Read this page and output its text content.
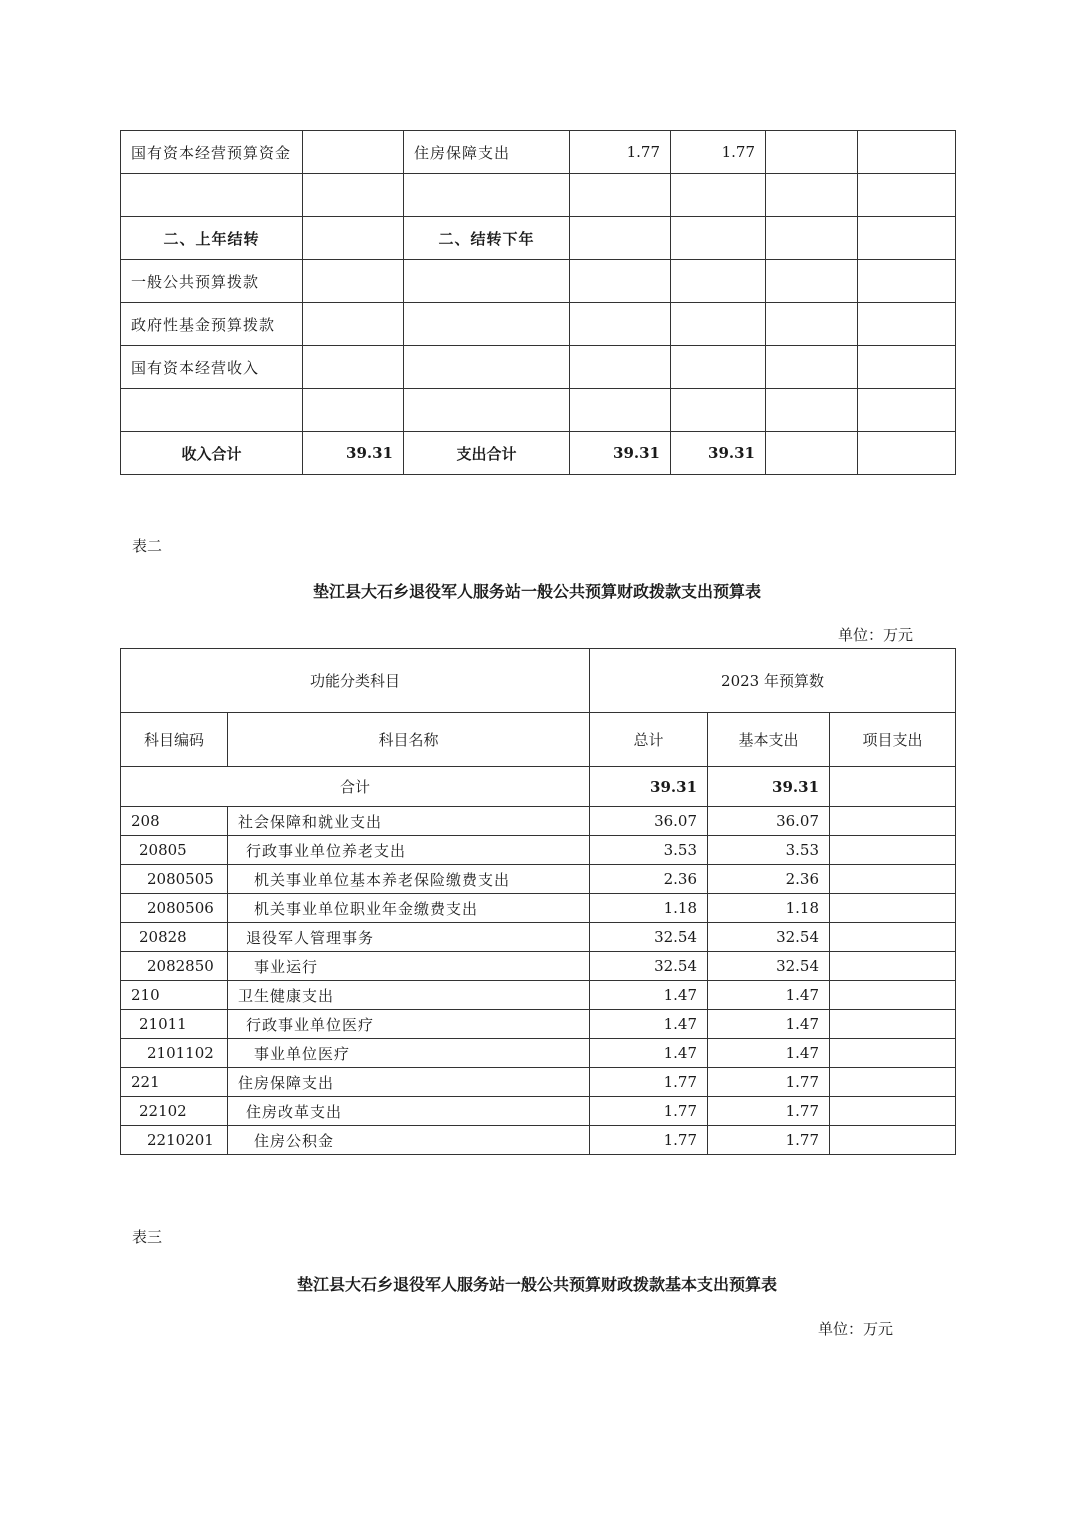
国有资本经营预算资金		住房保障支出	1.77	1.77		

二、上年结转		二、结转下年				
一般公共预算拨款						
政府性基金预算拨款						
国有资本经营收入						

收入合计	39.31	支出合计	39.31	39.31		
表二
垫江县大石乡退役军人服务站一般公共预算财政拨款支出预算表
单位：万元
功能分类科目		2023 年预算数		
科目编码	科目名称	总计	基本支出	项目支出
合计		39.31	39.31	
208	社会保障和就业支出	36.07	36.07	
20805	行政事业单位养老支出	3.53	3.53	
2080505	机关事业单位基本养老保险缴费支出	2.36	2.36	
2080506	机关事业单位职业年金缴费支出	1.18	1.18	
20828	退役军人管理事务	32.54	32.54	
2082850	事业运行	32.54	32.54	
210	卫生健康支出	1.47	1.47	
21011	行政事业单位医疗	1.47	1.47	
2101102	事业单位医疗	1.47	1.47	
221	住房保障支出	1.77	1.77	
22102	住房改革支出	1.77	1.77	
2210201	住房公积金	1.77	1.77	
表三
垫江县大石乡退役军人服务站一般公共预算财政拨款基本支出预算表
单位：万元
